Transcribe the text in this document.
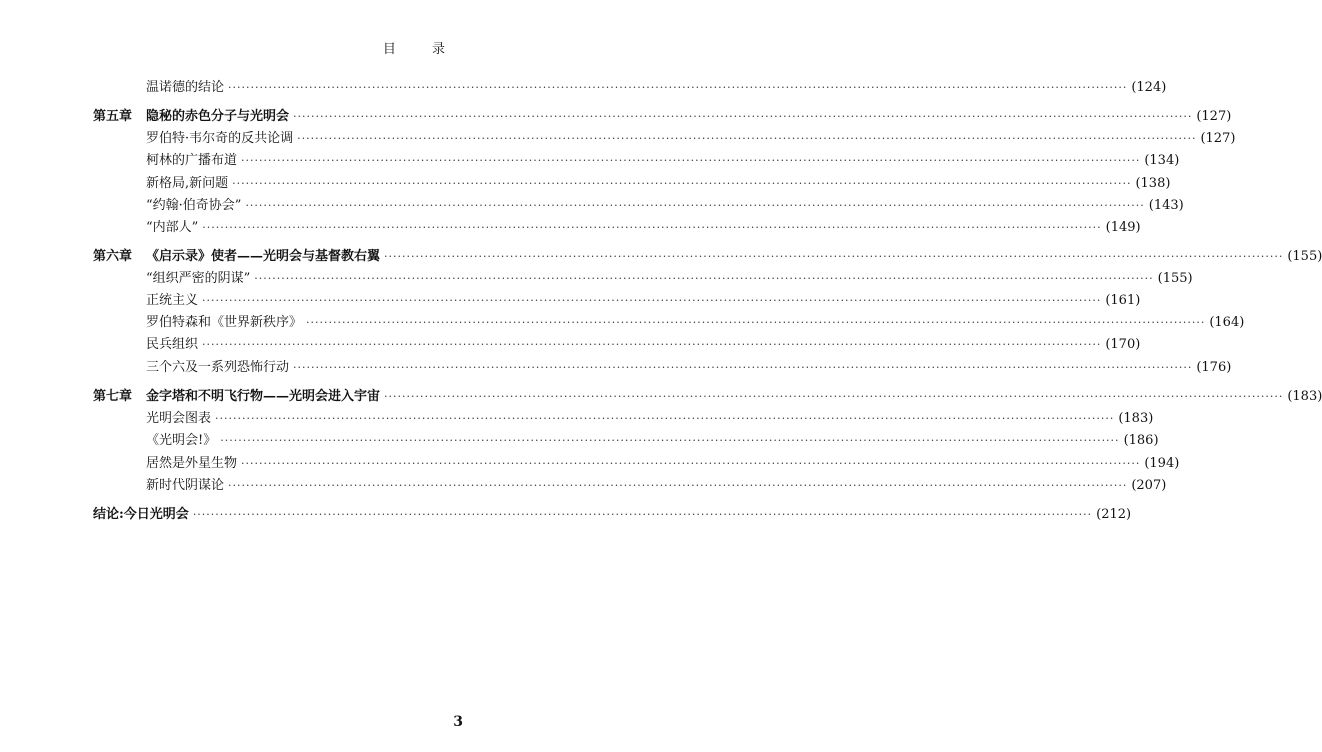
目 录
温诺德的结论 ········································································································································································································ (124)
第五章 隐秘的赤色分子与光明会 ········································································································································································································ (127)
罗伯特·韦尔奇的反共论调 ········································································································································································································ (127)
柯林的广播布道 ········································································································································································································ (134)
新格局,新问题 ········································································································································································································ (138)
“约翰·伯奇协会” ········································································································································································································ (143)
“内部人” ········································································································································································································ (149)
第六章 《启示录》使者——光明会与基督教右翼 ········································································································································································································ (155)
“组织严密的阴谋” ········································································································································································································ (155)
正统主义 ········································································································································································································ (161)
罗伯特森和《世界新秩序》 ········································································································································································································ (164)
民兵组织 ········································································································································································································ (170)
三个六及一系列恐怖行动 ········································································································································································································ (176)
第七章 金字塔和不明飞行物——光明会进入宇宙 ········································································································································································································ (183)
光明会图表 ········································································································································································································ (183)
《光明会!》 ········································································································································································································ (186)
居然是外星生物 ········································································································································································································ (194)
新时代阴谋论 ········································································································································································································ (207)
结论:今日光明会 ········································································································································································································ (212)
3
